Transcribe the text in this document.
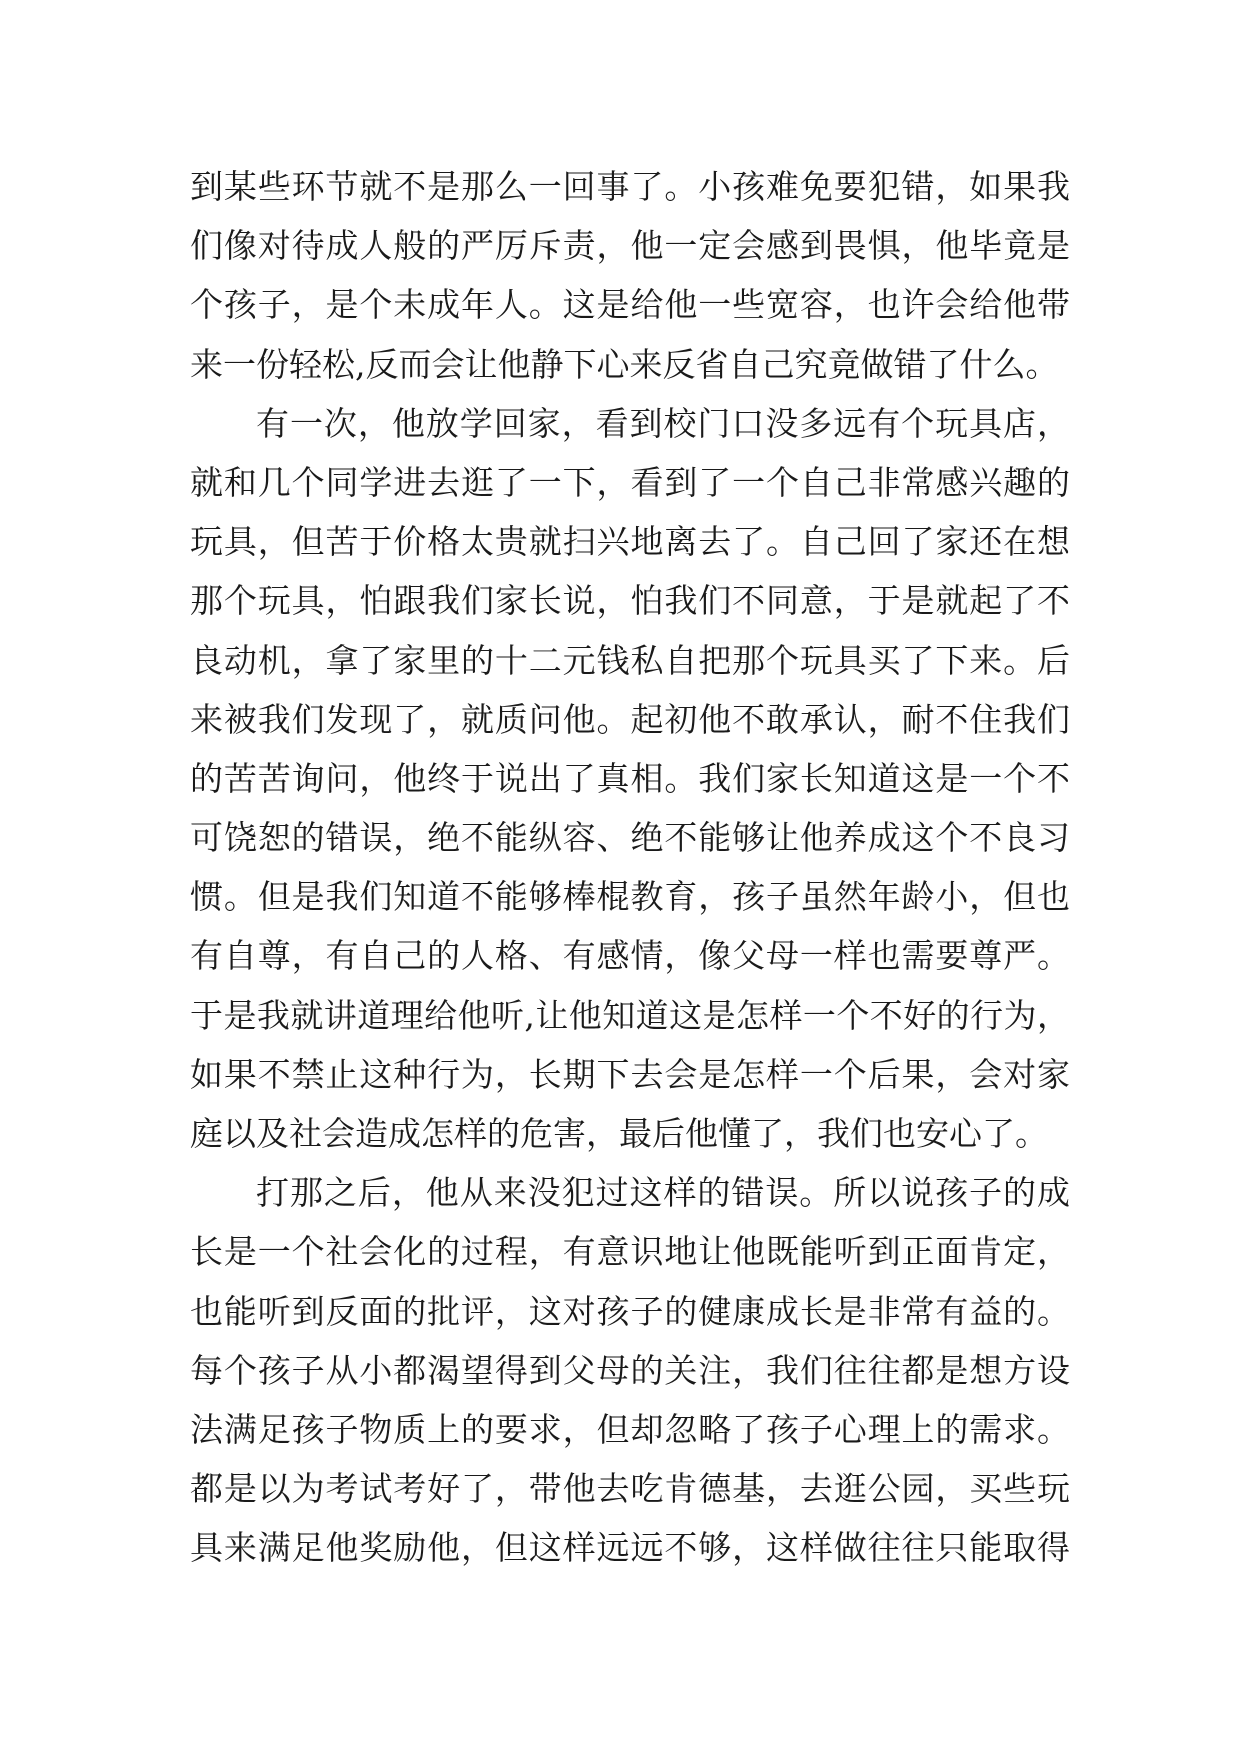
到某些环节就不是那么一回事了。小孩难免要犯错，如果我
们像对待成人般的严厉斥责，他一定会感到畏惧，他毕竟是
个孩子，是个未成年人。这是给他一些宽容，也许会给他带
来一份轻松,反而会让他静下心来反省自己究竟做错了什么。
有一次，他放学回家，看到校门口没多远有个玩具店，
就和几个同学进去逛了一下，看到了一个自己非常感兴趣的
玩具，但苦于价格太贵就扫兴地离去了。自己回了家还在想
那个玩具，怕跟我们家长说，怕我们不同意，于是就起了不
良动机，拿了家里的十二元钱私自把那个玩具买了下来。后
来被我们发现了，就质问他。起初他不敢承认，耐不住我们
的苦苦询问，他终于说出了真相。我们家长知道这是一个不
可饶恕的错误，绝不能纵容、绝不能够让他养成这个不良习
惯。但是我们知道不能够棒棍教育，孩子虽然年龄小，但也
有自尊，有自己的人格、有感情，像父母一样也需要尊严。
于是我就讲道理给他听,让他知道这是怎样一个不好的行为，
如果不禁止这种行为，长期下去会是怎样一个后果，会对家
庭以及社会造成怎样的危害，最后他懂了，我们也安心了。
打那之后，他从来没犯过这样的错误。所以说孩子的成
长是一个社会化的过程，有意识地让他既能听到正面肯定，
也能听到反面的批评，这对孩子的健康成长是非常有益的。
每个孩子从小都渴望得到父母的关注，我们往往都是想方设
法满足孩子物质上的要求，但却忽略了孩子心理上的需求。
都是以为考试考好了，带他去吃肯德基，去逛公园，买些玩
具来满足他奖励他，但这样远远不够，这样做往往只能取得
